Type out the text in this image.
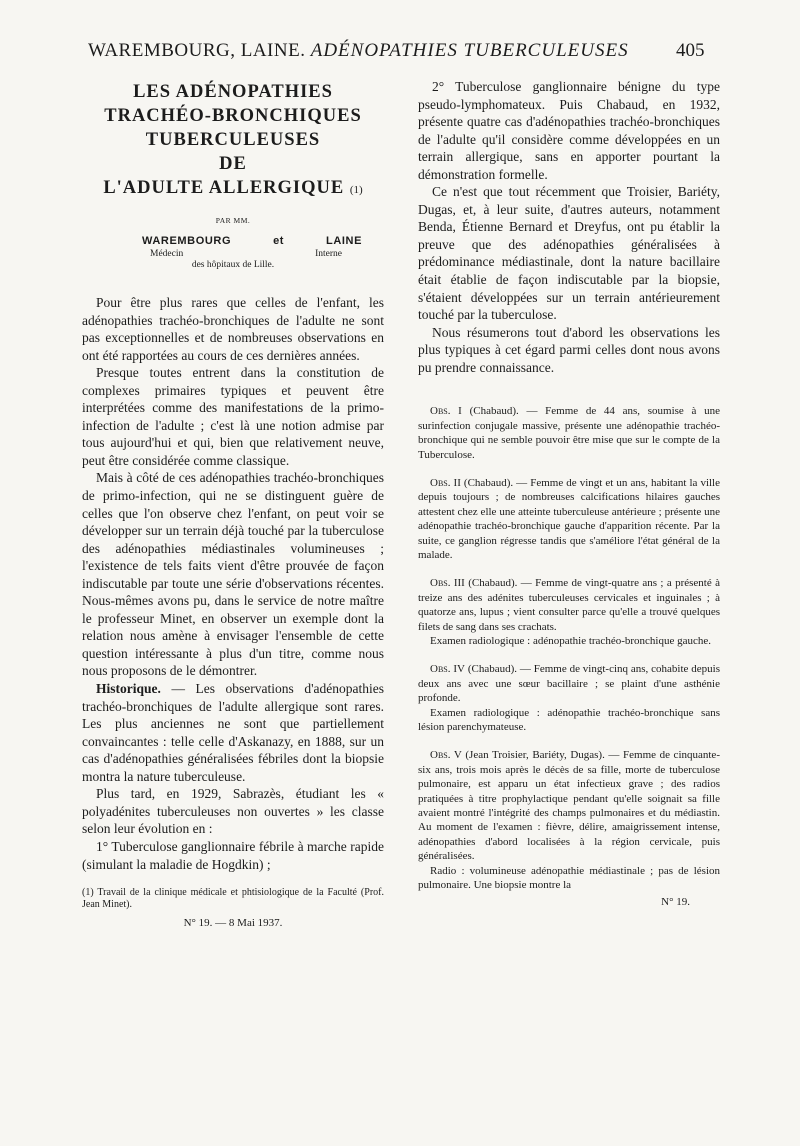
WAREMBOURG, LAINE. ADÉNOPATHIES TUBERCULEUSES 405
LES ADÉNOPATHIES
TRACHÉO-BRONCHIQUES
TUBERCULEUSES
DE
L'ADULTE ALLERGIQUE $^{(1)}$
PAR MM.
WAREMBOURG	et	LAINE
Médecin	Interne
des hôpitaux de Lille.

Pour être plus rares que celles de l'enfant, les adénopathies trachéo-bronchiques de l'adulte ne sont pas exceptionnelles et de nombreuses observations en ont été rapportées au cours de ces dernières années.

Presque toutes entrent dans la constitution de complexes primaires typiques et peuvent être interprétées comme des manifestations de la primo-infection de l'adulte ; c'est là une notion admise par tous aujourd'hui et qui, bien que relativement neuve, peut être considérée comme classique.

Mais à côté de ces adénopathies trachéo-bronchiques de primo-infection, qui ne se distinguent guère de celles que l'on observe chez l'enfant, on peut voir se développer sur un terrain déjà touché par la tuberculose des adénopathies médiastinales volumineuses ; l'existence de tels faits vient d'être prouvée de façon indiscutable par toute une série d'observations récentes. Nous-mêmes avons pu, dans le service de notre maître le professeur Minet, en observer un exemple dont la relation nous amène à envisager l'ensemble de cette question intéressante à plus d'un titre, comme nous nous proposons de le démontrer.

Historique. — Les observations d'adénopathies trachéo-bronchiques de l'adulte allergique sont rares. Les plus anciennes ne sont que partiellement convaincantes : telle celle d'Askanazy, en 1888, sur un cas d'adénopathies généralisées fébriles dont la biopsie montra la nature tuberculeuse.

Plus tard, en 1929, Sabrazès, étudiant les « polyadénites tuberculeuses non ouvertes » les classe selon leur évolution en :

1° Tuberculose ganglionnaire fébrile à marche rapide (simulant la maladie de Hogdkin) ;

(1) Travail de la clinique médicale et phtisiologique de la Faculté (Prof. Jean Minet).

N° 19. — 8 Mai 1937.

2° Tuberculose ganglionnaire bénigne du type pseudo-lymphomateux. Puis Chabaud, en 1932, présente quatre cas d'adénopathies trachéo-bronchiques de l'adulte qu'il considère comme développées en un terrain allergique, sans en apporter pourtant la démonstration formelle.

Ce n'est que tout récemment que Troisier, Bariéty, Dugas, et, à leur suite, d'autres auteurs, notamment Benda, Étienne Bernard et Dreyfus, ont pu établir la preuve que des adénopathies généralisées à prédominance médiastinale, dont la nature bacillaire était établie de façon indiscutable par la biopsie, s'étaient développées sur un terrain antérieurement touché par la tuberculose.

Nous résumerons tout d'abord les observations les plus typiques à cet égard parmi celles dont nous avons pu prendre connaissance.

Obs. I (Chabaud). — Femme de 44 ans, soumise à une surinfection conjugale massive, présente une adénopathie trachéo-bronchique qui ne semble pouvoir être mise que sur le compte de la Tuberculose.

Obs. II (Chabaud). — Femme de vingt et un ans, habitant la ville depuis toujours ; de nombreuses calcifications hilaires gauches attestent chez elle une atteinte tuberculeuse antérieure ; présente une adénopathie trachéo-bronchique gauche d'apparition récente. Par la suite, ce ganglion régresse tandis que s'améliore l'état général de la malade.

Obs. III (Chabaud). — Femme de vingt-quatre ans ; a présenté à treize ans des adénites tuberculeuses cervicales et inguinales ; à quatorze ans, lupus ; vient consulter parce qu'elle a trouvé quelques filets de sang dans ses crachats.

Examen radiologique : adénopathie trachéo-bronchique gauche.

Obs. IV (Chabaud). — Femme de vingt-cinq ans, cohabite depuis deux ans avec une sœur bacillaire ; se plaint d'une asthénie profonde.

Examen radiologique : adénopathie trachéo-bronchique sans lésion parenchymateuse.

Obs. V (Jean Troisier, Bariéty, Dugas). — Femme de cinquante-six ans, trois mois après le décès de sa fille, morte de tuberculose pulmonaire, est apparu un état infectieux grave ; des radios pratiquées à titre prophylactique pendant qu'elle soignait sa fille avaient montré l'intégrité des champs pulmonaires et du médiastin. Au moment de l'examen : fièvre, délire, amaigrissement intense, adénopathies d'abord localisées à la région cervicale, puis généralisées.

Radio : volumineuse adénopathie médiastinale ; pas de lésion pulmonaire. Une biopsie montre la

N° 19.
